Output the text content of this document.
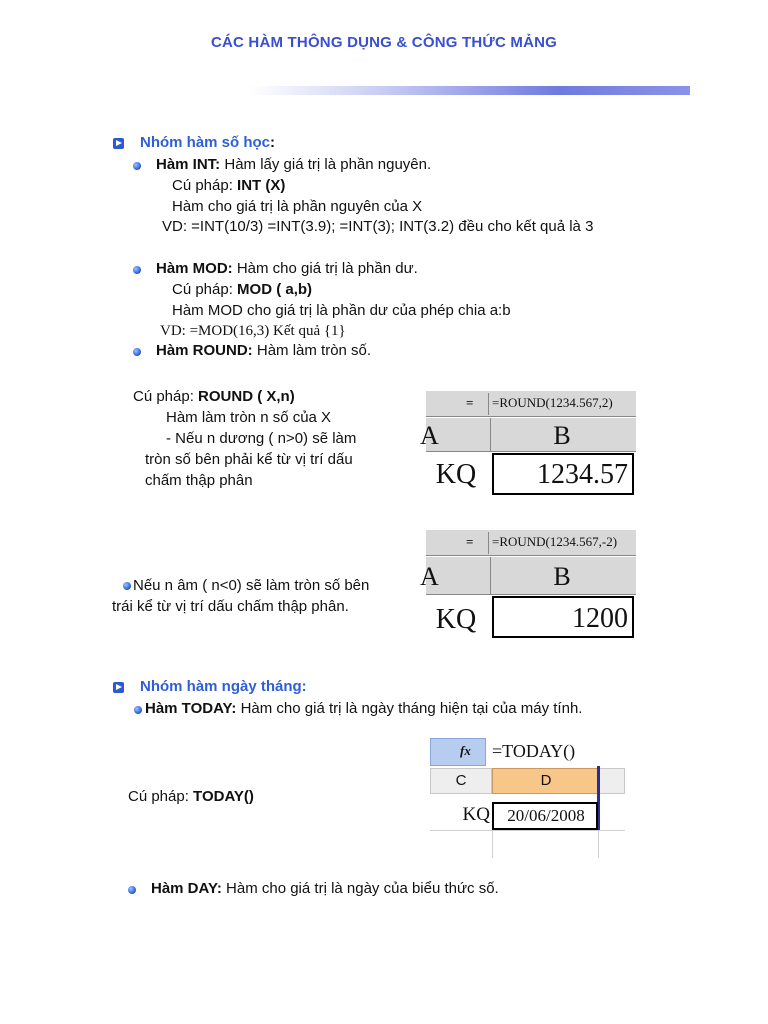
CÁC HÀM THÔNG DỤNG & CÔNG THỨC MẢNG
Nhóm hàm số học:
Hàm INT: Hàm lấy giá trị là phần nguyên.
Cú pháp: INT (X)
Hàm cho giá trị là phần nguyên của X
VD: =INT(10/3) =INT(3.9); =INT(3); INT(3.2) đều cho kết quả là 3
Hàm MOD: Hàm cho giá trị là phần dư.
Cú pháp: MOD ( a,b)
Hàm MOD cho giá trị là phần dư của phép chia a:b
VD: =MOD(16,3) Kết quả {1}
Hàm ROUND: Hàm làm tròn số.
Cú pháp: ROUND ( X,n)
Hàm làm tròn n số của X
- Nếu n dương ( n>0) sẽ làm
tròn số bên phải kể từ vị trí dấu
chấm thập phân
=	=ROUND(1234.567,2)
A	B
KQ	1234.57
Nếu n âm ( n<0) sẽ làm tròn số bên
trái kể từ vị trí dấu chấm thập phân.
=	=ROUND(1234.567,-2)
A	B
KQ	1200
Nhóm hàm ngày tháng:
Hàm TODAY: Hàm cho giá trị là ngày tháng hiện tại của máy tính.
Cú pháp: TODAY()
fx =TODAY()
C	D
KQ	20/06/2008
Hàm DAY: Hàm cho giá trị là ngày của biểu thức số.
